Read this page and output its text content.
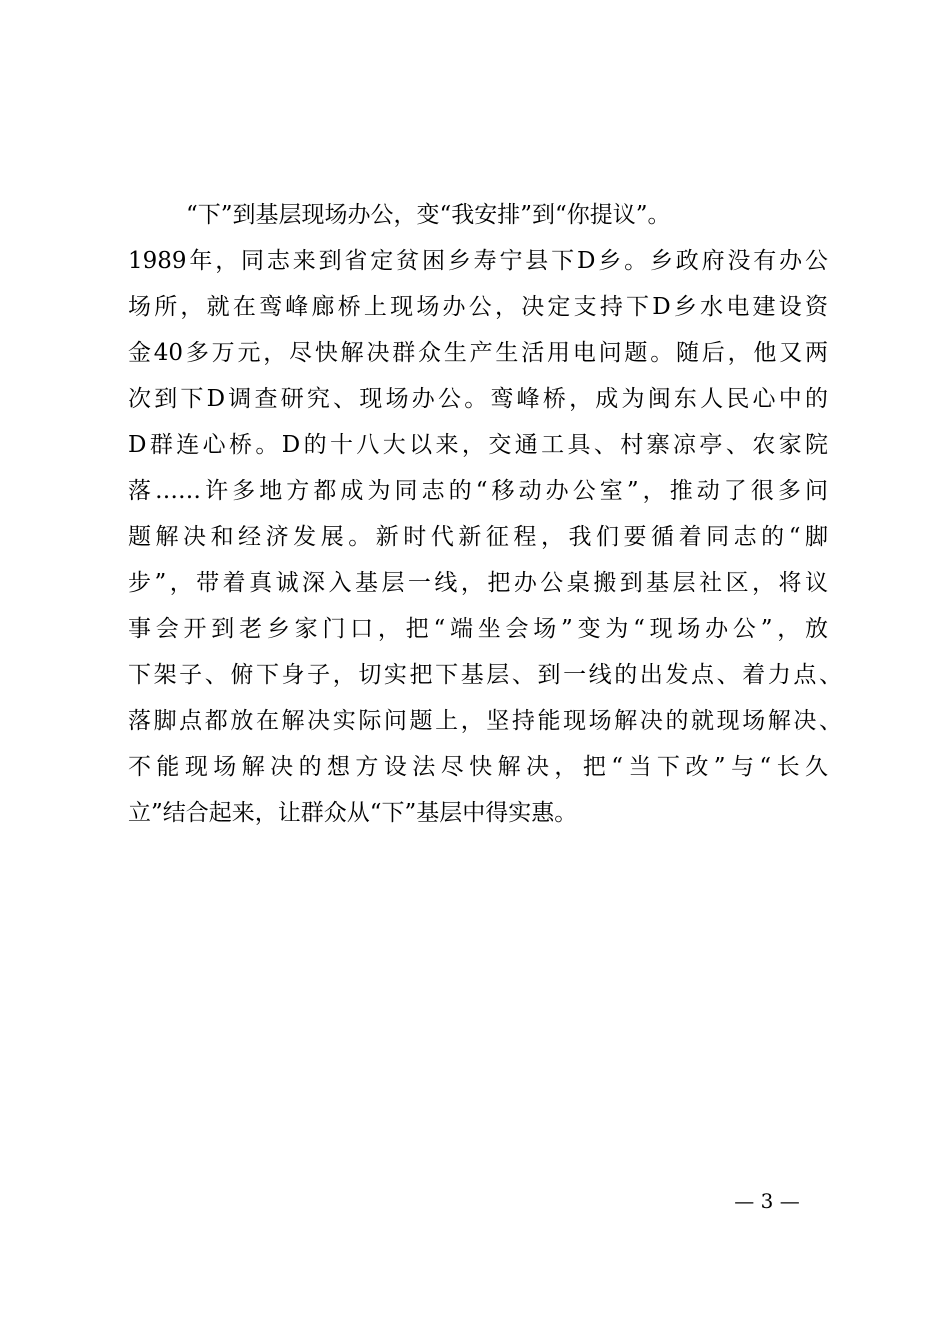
“下”到基层现场办公，变“我安排”到“你提议”。
1989年，同志来到省定贫困乡寿宁县下D乡。乡政府没有办公
场所，就在鸾峰廊桥上现场办公，决定支持下D乡水电建设资
金40多万元，尽快解决群众生产生活用电问题。随后，他又两
次到下D调查研究、现场办公。鸾峰桥，成为闽东人民心中的
D群连心桥。D的十八大以来，交通工具、村寨凉亭、农家院
落……许多地方都成为同志的“移动办公室”，推动了很多问
题解决和经济发展。新时代新征程，我们要循着同志的“脚
步”，带着真诚深入基层一线，把办公桌搬到基层社区，将议
事会开到老乡家门口，把“端坐会场”变为“现场办公”，放
下架子、俯下身子，切实把下基层、到一线的出发点、着力点、
落脚点都放在解决实际问题上，坚持能现场解决的就现场解决、
不能现场解决的想方设法尽快解决，把“当下改”与“长久
立”结合起来，让群众从“下”基层中得实惠。
— 3 —
